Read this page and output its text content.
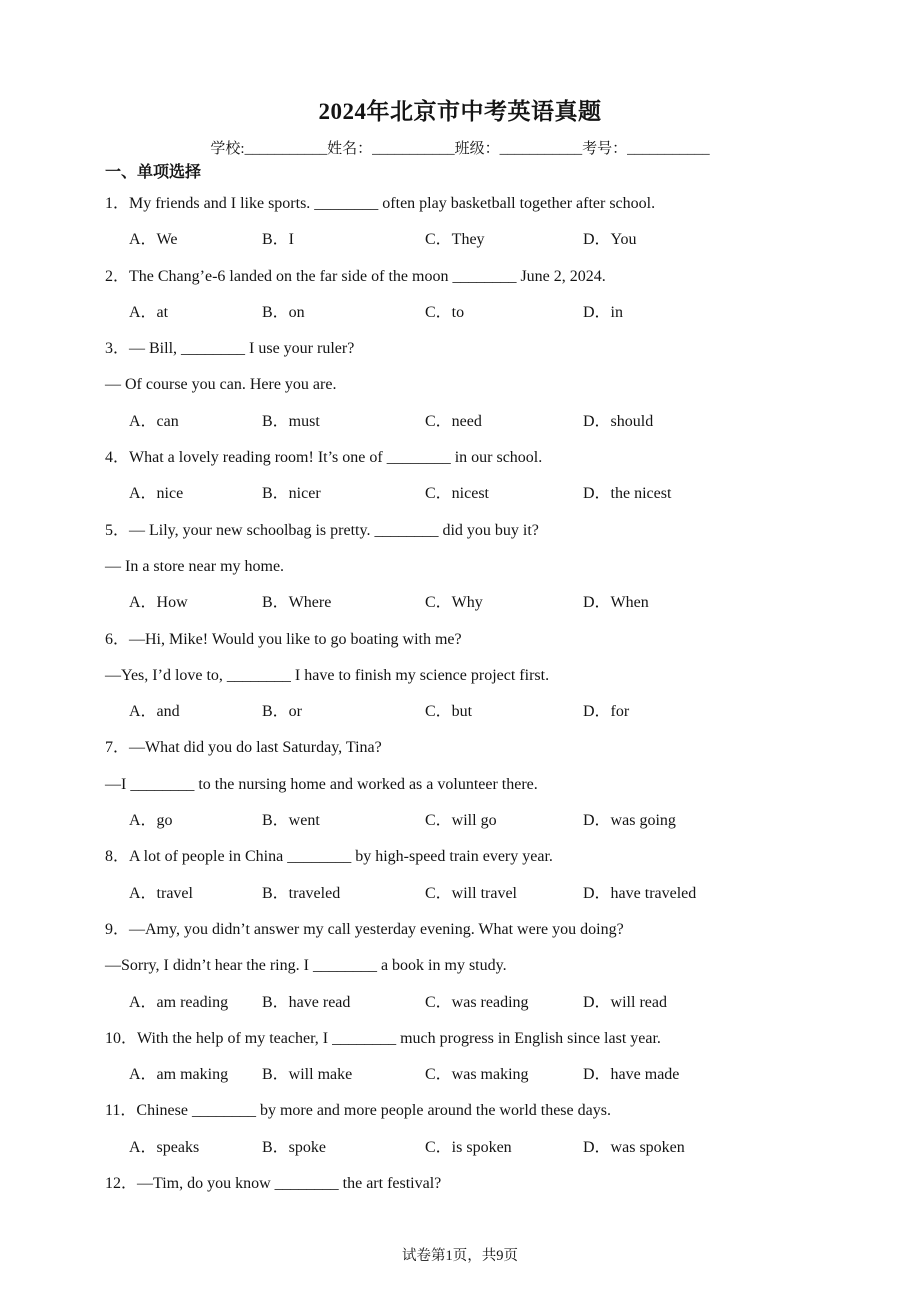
2024年北京市中考英语真题
学校:___________姓名：___________班级：___________考号：___________
一、单项选择
1．My friends and I like sports. ________ often play basketball together after school.
A．We	B．I	C．They	D．You
2．The Chang’e-6 landed on the far side of the moon ________ June 2, 2024.
A．at	B．on	C．to	D．in
3．— Bill, ________ I use your ruler?
— Of course you can. Here you are.
A．can	B．must	C．need	D．should
4．What a lovely reading room! It’s one of ________ in our school.
A．nice	B．nicer	C．nicest	D．the nicest
5．— Lily, your new schoolbag is pretty. ________ did you buy it?
— In a store near my home.
A．How	B．Where	C．Why	D．When
6．—Hi, Mike! Would you like to go boating with me?
—Yes, I’d love to, ________ I have to finish my science project first.
A．and	B．or	C．but	D．for
7．—What did you do last Saturday, Tina?
—I ________ to the nursing home and worked as a volunteer there.
A．go	B．went	C．will go	D．was going
8．A lot of people in China ________ by high-speed train every year.
A．travel	B．traveled	C．will travel	D．have traveled
9．—Amy, you didn’t answer my call yesterday evening. What were you doing?
—Sorry, I didn’t hear the ring. I ________ a book in my study.
A．am reading B．have read	C．was reading	D．will read
10．With the help of my teacher, I ________ much progress in English since last year.
A．am making B．will make	C．was making	D．have made
11．Chinese ________ by more and more people around the world these days.
A．speaks	B．spoke	C．is spoken	D．was spoken
12．—Tim, do you know ________ the art festival?
试卷第1页，共9页
